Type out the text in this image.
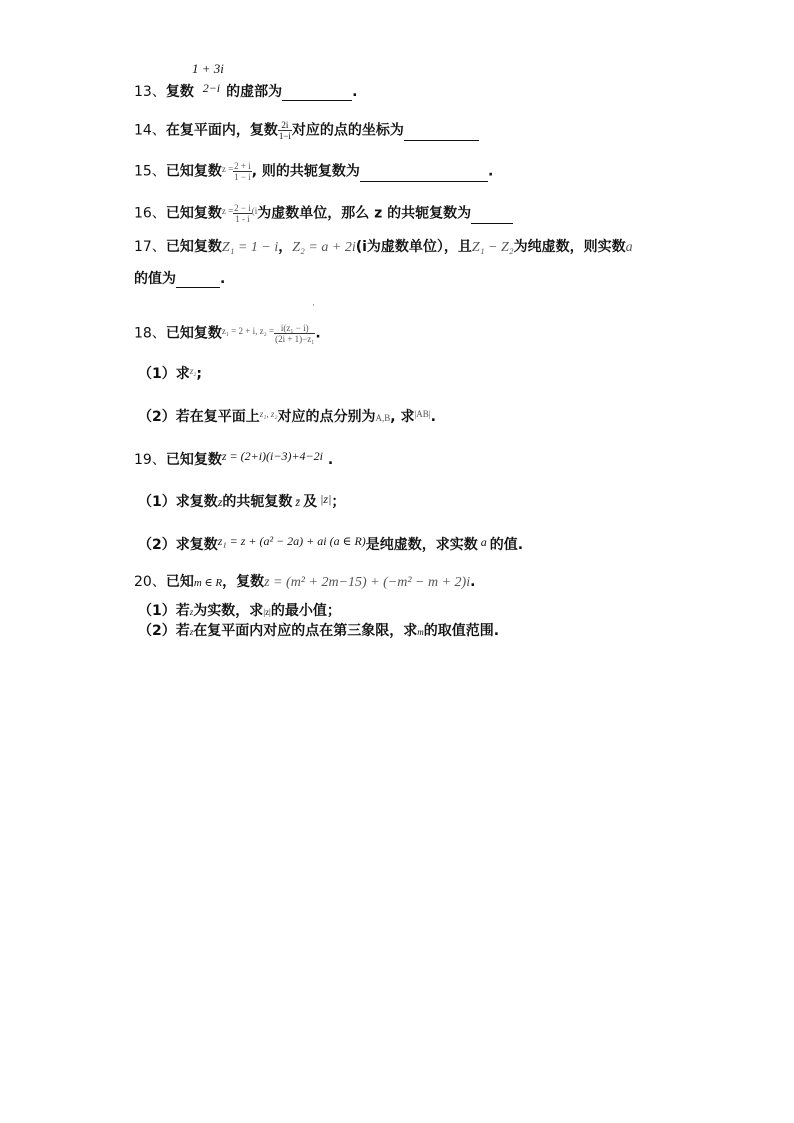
1 + 3i
13、复数 2−i 的虚部为	.
14、在复平面内，复数 $\frac{2i}{1-i}$ 对应的点的坐标为
15、已知复数$^{z =} \frac{2 + i}{1 - i}$ , 则的共轭复数为	.
16、已知复数$^{z =} \frac{2 - i}{1 - i} ^{(i}$为虚数单位，那么 z 的共轭复数为
17、已知复数Z₁ = 1 − i，Z₂ = a + 2i(i为虚数单位），且Z₁ − Z₂为纯虚数，则实数a
的值为	.
·
18、已知复数$^{z_1 = 2 + i, z_2 =} \frac{\text{i(z₁ − i)}}{\text{(2i + 1)−z₁}}$ .
（1）求$^{z_2}$;
（2）若在复平面上$^{z_1, z_2}$对应的点分别为A,B, 求$^{|AB|}$.
19、已知复数z = (2+i)(i−3)+4−2i .
（1）求复数z的共轭复数 z̄ 及 |z|；
（2）求复数z₁ = z + (a² − 2a) + ai (a ∈ R)是纯虚数，求实数 a 的值.
20、已知m ∈ R，复数z = (m² + 2m−15) + (−m² − m + 2)i.
（1）若z为实数，求|z|的最小值；
（2）若z在复平面内对应的点在第三象限，求m的取值范围.
